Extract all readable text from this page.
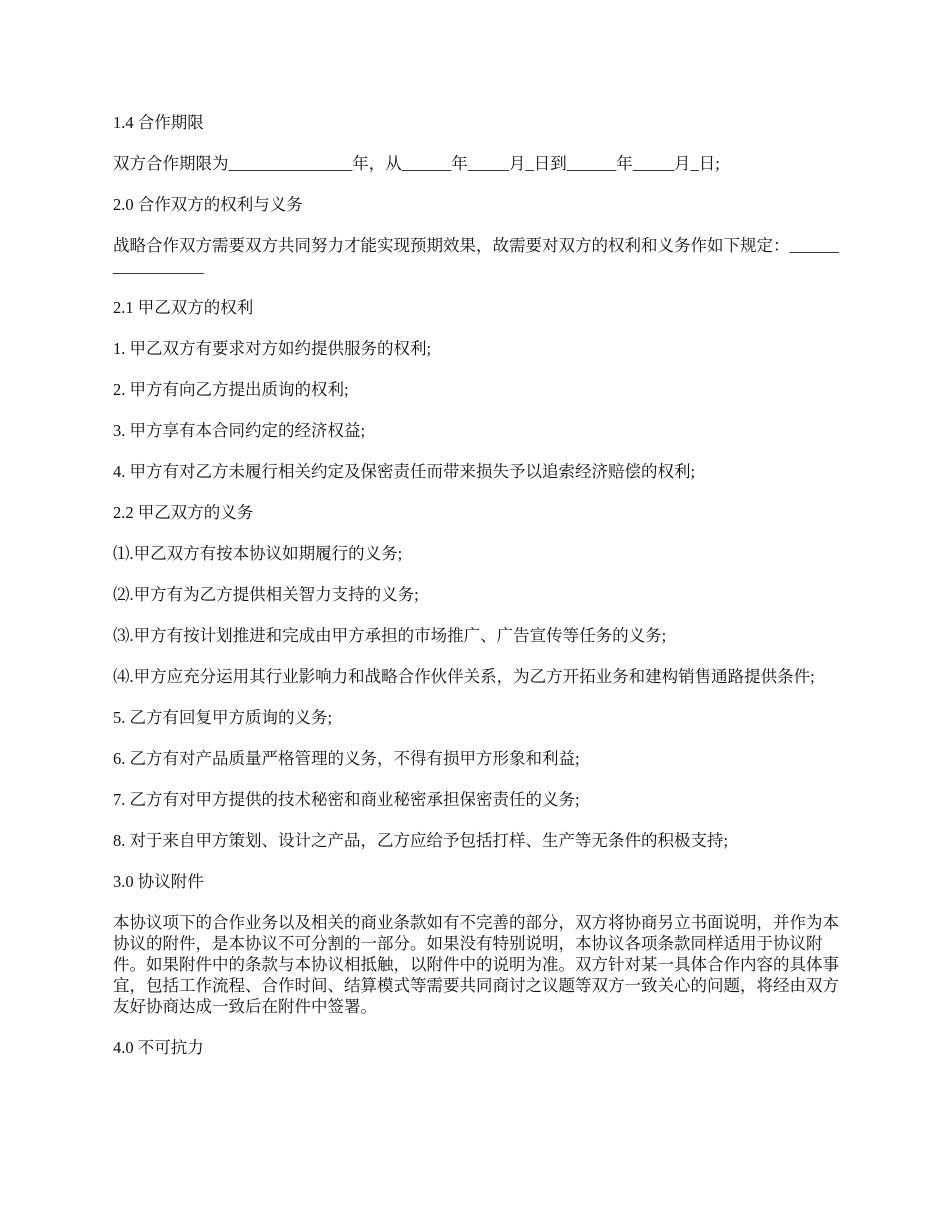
1.4 合作期限

双方合作期限为_______________年，从______年_____月_日到______年_____月_日;

2.0 合作双方的权利与义务

战略合作双方需要双方共同努力才能实现预期效果，故需要对双方的权利和义务作如下规定：_________________

2.1 甲乙双方的权利

1. 甲乙双方有要求对方如约提供服务的权利;

2. 甲方有向乙方提出质询的权利;

3. 甲方享有本合同约定的经济权益;

4. 甲方有对乙方未履行相关约定及保密责任而带来损失予以追索经济赔偿的权利;

2.2 甲乙双方的义务

⑴.甲乙双方有按本协议如期履行的义务;

⑵.甲方有为乙方提供相关智力支持的义务;

⑶.甲方有按计划推进和完成由甲方承担的市场推广、广告宣传等任务的义务;

⑷.甲方应充分运用其行业影响力和战略合作伙伴关系，为乙方开拓业务和建构销售通路提供条件;

5. 乙方有回复甲方质询的义务;

6. 乙方有对产品质量严格管理的义务，不得有损甲方形象和利益;

7. 乙方有对甲方提供的技术秘密和商业秘密承担保密责任的义务;

8. 对于来自甲方策划、设计之产品，乙方应给予包括打样、生产等无条件的积极支持;

3.0 协议附件

本协议项下的合作业务以及相关的商业条款如有不完善的部分，双方将协商另立书面说明，并作为本协议的附件，是本协议不可分割的一部分。如果没有特别说明，本协议各项条款同样适用于协议附件。如果附件中的条款与本协议相抵触，以附件中的说明为准。双方针对某一具体合作内容的具体事宜，包括工作流程、合作时间、结算模式等需要共同商讨之议题等双方一致关心的问题，将经由双方友好协商达成一致后在附件中签署。

4.0 不可抗力
